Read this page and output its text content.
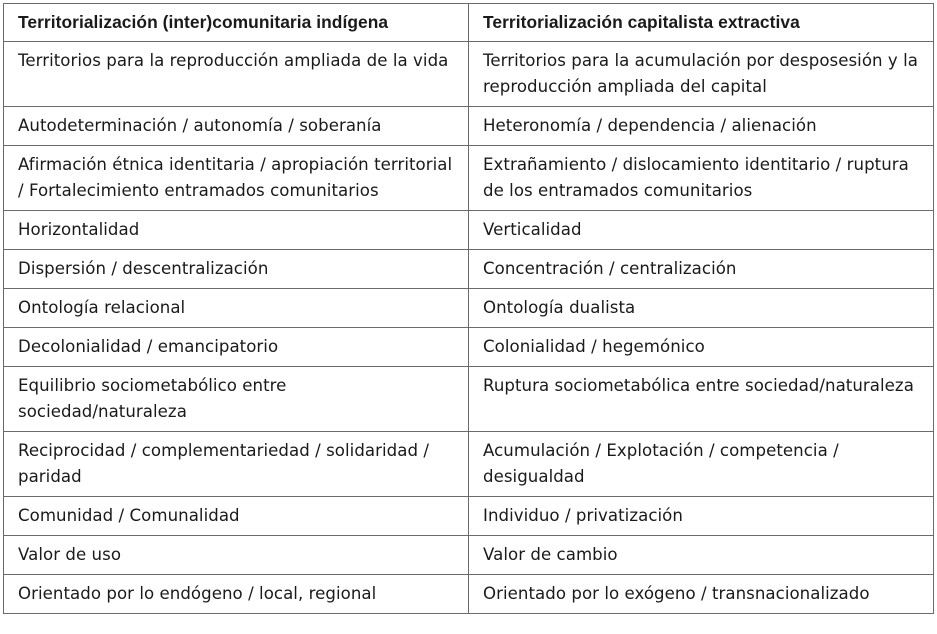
Territorialización (inter)comunitaria indígena	Territorialización capitalista extractiva
Territorios para la reproducción ampliada de la vida	Territorios para la acumulación por desposesión y la reproducción ampliada del capital
Autodeterminación / autonomía / soberanía	Heteronomía / dependencia / alienación
Afirmación étnica identitaria / apropiación territorial / Fortalecimiento entramados comunitarios	Extrañamiento / dislocamiento identitario / ruptura de los entramados comunitarios
Horizontalidad	Verticalidad
Dispersión / descentralización	Concentración / centralización
Ontología relacional	Ontología dualista
Decolonialidad / emancipatorio	Colonialidad / hegemónico
Equilibrio sociometabólico entre sociedad/naturaleza	Ruptura sociometabólica entre sociedad/naturaleza
Reciprocidad / complementariedad / solidaridad / paridad	Acumulación / Explotación / competencia / desigualdad
Comunidad / Comunalidad	Individuo / privatización
Valor de uso	Valor de cambio
Orientado por lo endógeno / local, regional	Orientado por lo exógeno / transnacionalizado
